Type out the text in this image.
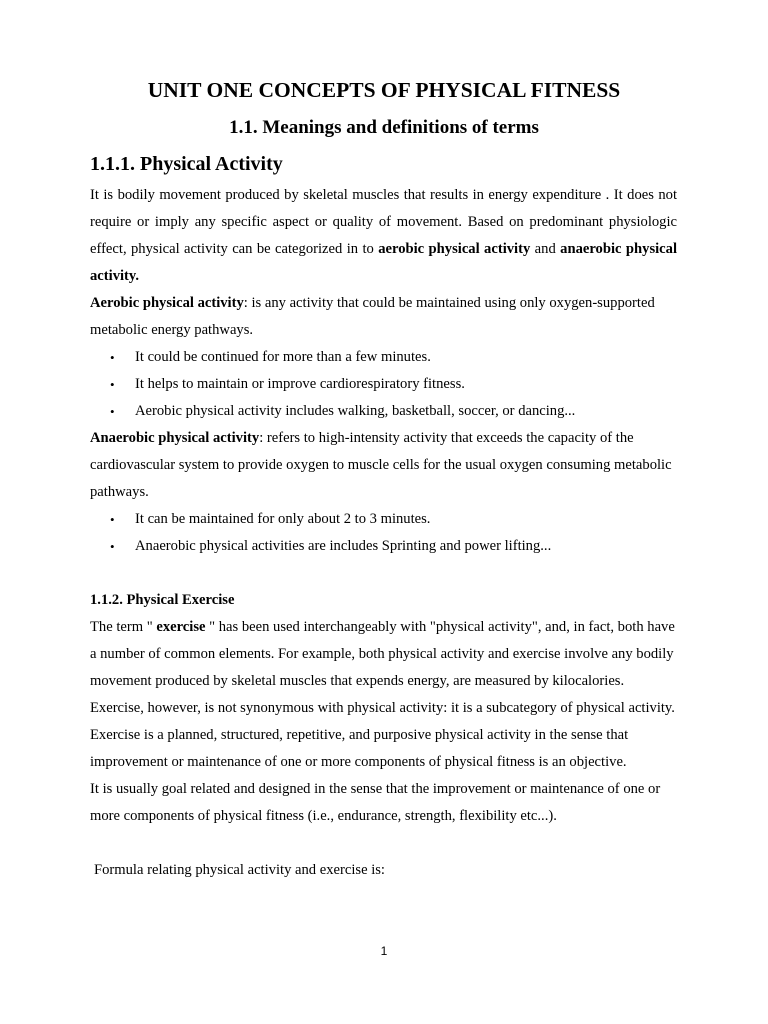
UNIT ONE CONCEPTS OF PHYSICAL FITNESS
1.1. Meanings and definitions of terms
1.1.1. Physical Activity

It is bodily movement produced by skeletal muscles that results in energy expenditure . It does not require or imply any specific aspect or quality of movement. Based on predominant physiologic effect, physical activity can be categorized in to aerobic physical activity and anaerobic physical activity.

Aerobic physical activity: is any activity that could be maintained using only oxygen-supported metabolic energy pathways.

• It could be continued for more than a few minutes.
• It helps to maintain or improve cardiorespiratory fitness.
• Aerobic physical activity includes walking, basketball, soccer, or dancing...

Anaerobic physical activity: refers to high-intensity activity that exceeds the capacity of the cardiovascular system to provide oxygen to muscle cells for the usual oxygen consuming metabolic pathways.

• It can be maintained for only about 2 to 3 minutes.
• Anaerobic physical activities are includes Sprinting and power lifting...

1.1.2. Physical Exercise

The term " exercise " has been used interchangeably with "physical activity", and, in fact, both have a number of common elements. For example, both physical activity and exercise involve any bodily movement produced by skeletal muscles that expends energy, are measured by kilocalories.

Exercise, however, is not synonymous with physical activity: it is a subcategory of physical activity.

Exercise is a planned, structured, repetitive, and purposive physical activity in the sense that improvement or maintenance of one or more components of physical fitness is an objective.

It is usually goal related and designed in the sense that the improvement or maintenance of one or more components of physical fitness (i.e., endurance, strength, flexibility etc...).

Formula relating physical activity and exercise is:

1
